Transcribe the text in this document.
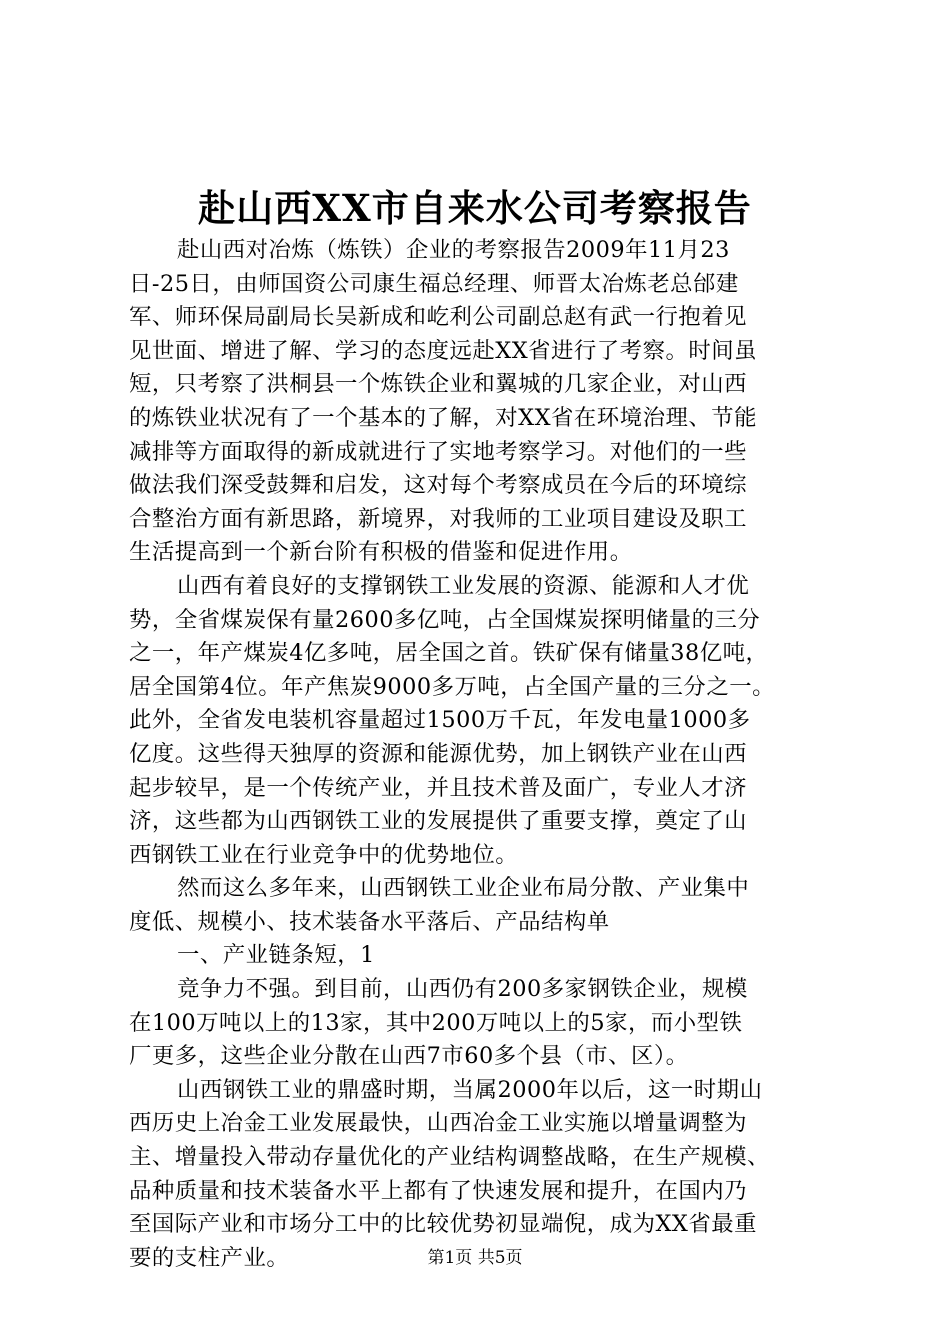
赴山西XX市自来水公司考察报告
赴山西对冶炼（炼铁）企业的考察报告2009年11月23
日-25日，由师国资公司康生福总经理、师晋太冶炼老总邰建
军、师环保局副局长吴新成和屹利公司副总赵有武一行抱着见
见世面、增进了解、学习的态度远赴XX省进行了考察。时间虽
短，只考察了洪桐县一个炼铁企业和翼城的几家企业，对山西
的炼铁业状况有了一个基本的了解，对XX省在环境治理、节能
减排等方面取得的新成就进行了实地考察学习。对他们的一些
做法我们深受鼓舞和启发，这对每个考察成员在今后的环境综
合整治方面有新思路，新境界，对我师的工业项目建设及职工
生活提高到一个新台阶有积极的借鉴和促进作用。
山西有着良好的支撑钢铁工业发展的资源、能源和人才优
势，全省煤炭保有量2600多亿吨，占全国煤炭探明储量的三分
之一，年产煤炭4亿多吨，居全国之首。铁矿保有储量38亿吨，
居全国第4位。年产焦炭9000多万吨，占全国产量的三分之一。
此外，全省发电装机容量超过1500万千瓦，年发电量1000多
亿度。这些得天独厚的资源和能源优势，加上钢铁产业在山西
起步较早，是一个传统产业，并且技术普及面广，专业人才济
济，这些都为山西钢铁工业的发展提供了重要支撑，奠定了山
西钢铁工业在行业竞争中的优势地位。
然而这么多年来，山西钢铁工业企业布局分散、产业集中
度低、规模小、技术装备水平落后、产品结构单
一、产业链条短，1
竞争力不强。到目前，山西仍有200多家钢铁企业，规模
在100万吨以上的13家，其中200万吨以上的5家，而小型铁
厂更多，这些企业分散在山西7市60多个县（市、区）。
山西钢铁工业的鼎盛时期，当属2000年以后，这一时期山
西历史上冶金工业发展最快，山西冶金工业实施以增量调整为
主、增量投入带动存量优化的产业结构调整战略，在生产规模、
品种质量和技术装备水平上都有了快速发展和提升，在国内乃
至国际产业和市场分工中的比较优势初显端倪，成为XX省最重
要的支柱产业。	第1页 共5页
